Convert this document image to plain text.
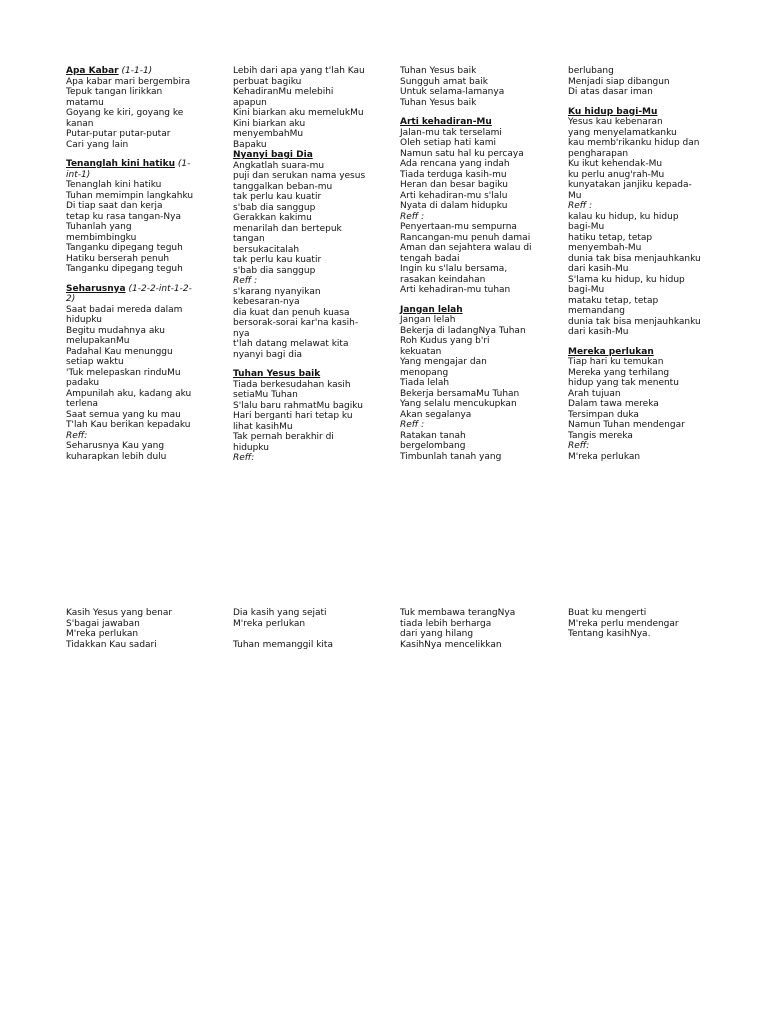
Apa Kabar (1-1-1)
Apa kabar mari bergembira
Tepuk tangan lirikkan
matamu
Goyang ke kiri, goyang ke
kanan
Putar-putar putar-putar
Cari yang lain
Tenanglah kini hatiku (1-
int-1)
Tenanglah kini hatiku
Tuhan memimpin langkahku
Di tiap saat dan kerja
tetap ku rasa tangan-Nya
Tuhanlah yang
membimbingku
Tanganku dipegang teguh
Hatiku berserah penuh
Tanganku dipegang teguh
Seharusnya (1-2-2-int-1-2-
2)
Saat badai mereda dalam
hidupku
Begitu mudahnya aku
melupakanMu
Padahal Kau menunggu
setiap waktu
'Tuk melepaskan rinduMu
padaku
Ampunilah aku, kadang aku
terlena
Saat semua yang ku mau
T'lah Kau berikan kepadaku
Reff:
Seharusnya Kau yang
kuharapkan lebih dulu
Lebih dari apa yang t'lah Kau
perbuat bagiku
KehadiranMu melebihi
apapun
Kini biarkan aku memelukMu
Kini biarkan aku
menyembahMu
Bapaku
Nyanyi bagi Dia
Angkatlah suara-mu
puji dan serukan nama yesus
tanggalkan beban-mu
tak perlu kau kuatir
s'bab dia sanggup
Gerakkan kakimu
menarilah dan bertepuk
tangan
bersukacitalah
tak perlu kau kuatir
s'bab dia sanggup
Reff :
s'karang nyanyikan
kebesaran-nya
dia kuat dan penuh kuasa
bersorak-sorai kar'na kasih-
nya
t'lah datang melawat kita
nyanyi bagi dia
Tuhan Yesus baik
Tiada berkesudahan kasih
setiaMu Tuhan
S'lalu baru rahmatMu bagiku
Hari berganti hari tetap ku
lihat kasihMu
Tak pernah berakhir di
hidupku
Reff:
Tuhan Yesus baik
Sungguh amat baik
Untuk selama-lamanya
Tuhan Yesus baik
Arti kehadiran-Mu
Jalan-mu tak terselami
Oleh setiap hati kami
Namun satu hal ku percaya
Ada rencana yang indah
Tiada terduga kasih-mu
Heran dan besar bagiku
Arti kehadiran-mu s'lalu
Nyata di dalam hidupku
Reff :
Penyertaan-mu sempurna
Rancangan-mu penuh damai
Aman dan sejahtera walau di
tengah badai
Ingin ku s'lalu bersama,
rasakan keindahan
Arti kehadiran-mu tuhan
Jangan lelah
Jangan lelah
Bekerja di ladangNya Tuhan
Roh Kudus yang b'ri
kekuatan
Yang mengajar dan
menopang
Tiada lelah
Bekerja bersamaMu Tuhan
Yang selalu mencukupkan
Akan segalanya
Reff :
Ratakan tanah
bergelombang
Timbunlah tanah yang
berlubang
Menjadi siap dibangun
Di atas dasar iman
Ku hidup bagi-Mu
Yesus kau kebenaran
yang menyelamatkanku
kau memb'rikanku hidup dan
pengharapan
Ku ikut kehendak-Mu
ku perlu anug'rah-Mu
kunyatakan janjiku kepada-
Mu
Reff :
kalau ku hidup, ku hidup
bagi-Mu
hatiku tetap, tetap
menyembah-Mu
dunia tak bisa menjauhkanku
dari kasih-Mu
S'lama ku hidup, ku hidup
bagi-Mu
mataku tetap, tetap
memandang
dunia tak bisa menjauhkanku
dari kasih-Mu
Mereka perlukan
Tiap hari ku temukan
Mereka yang terhilang
hidup yang tak menentu
Arah tujuan
Dalam tawa mereka
Tersimpan duka
Namun Tuhan mendengar
Tangis mereka
Reff:
M'reka perlukan
Kasih Yesus yang benar
S'bagai jawaban
M'reka perlukan
Tidakkan Kau sadari
Dia kasih yang sejati
M'reka perlukan
Tuhan memanggil kita
Tuk membawa terangNya
tiada lebih berharga
dari yang hilang
KasihNya mencelikkan
Buat ku mengerti
M'reka perlu mendengar
Tentang kasihNya.
